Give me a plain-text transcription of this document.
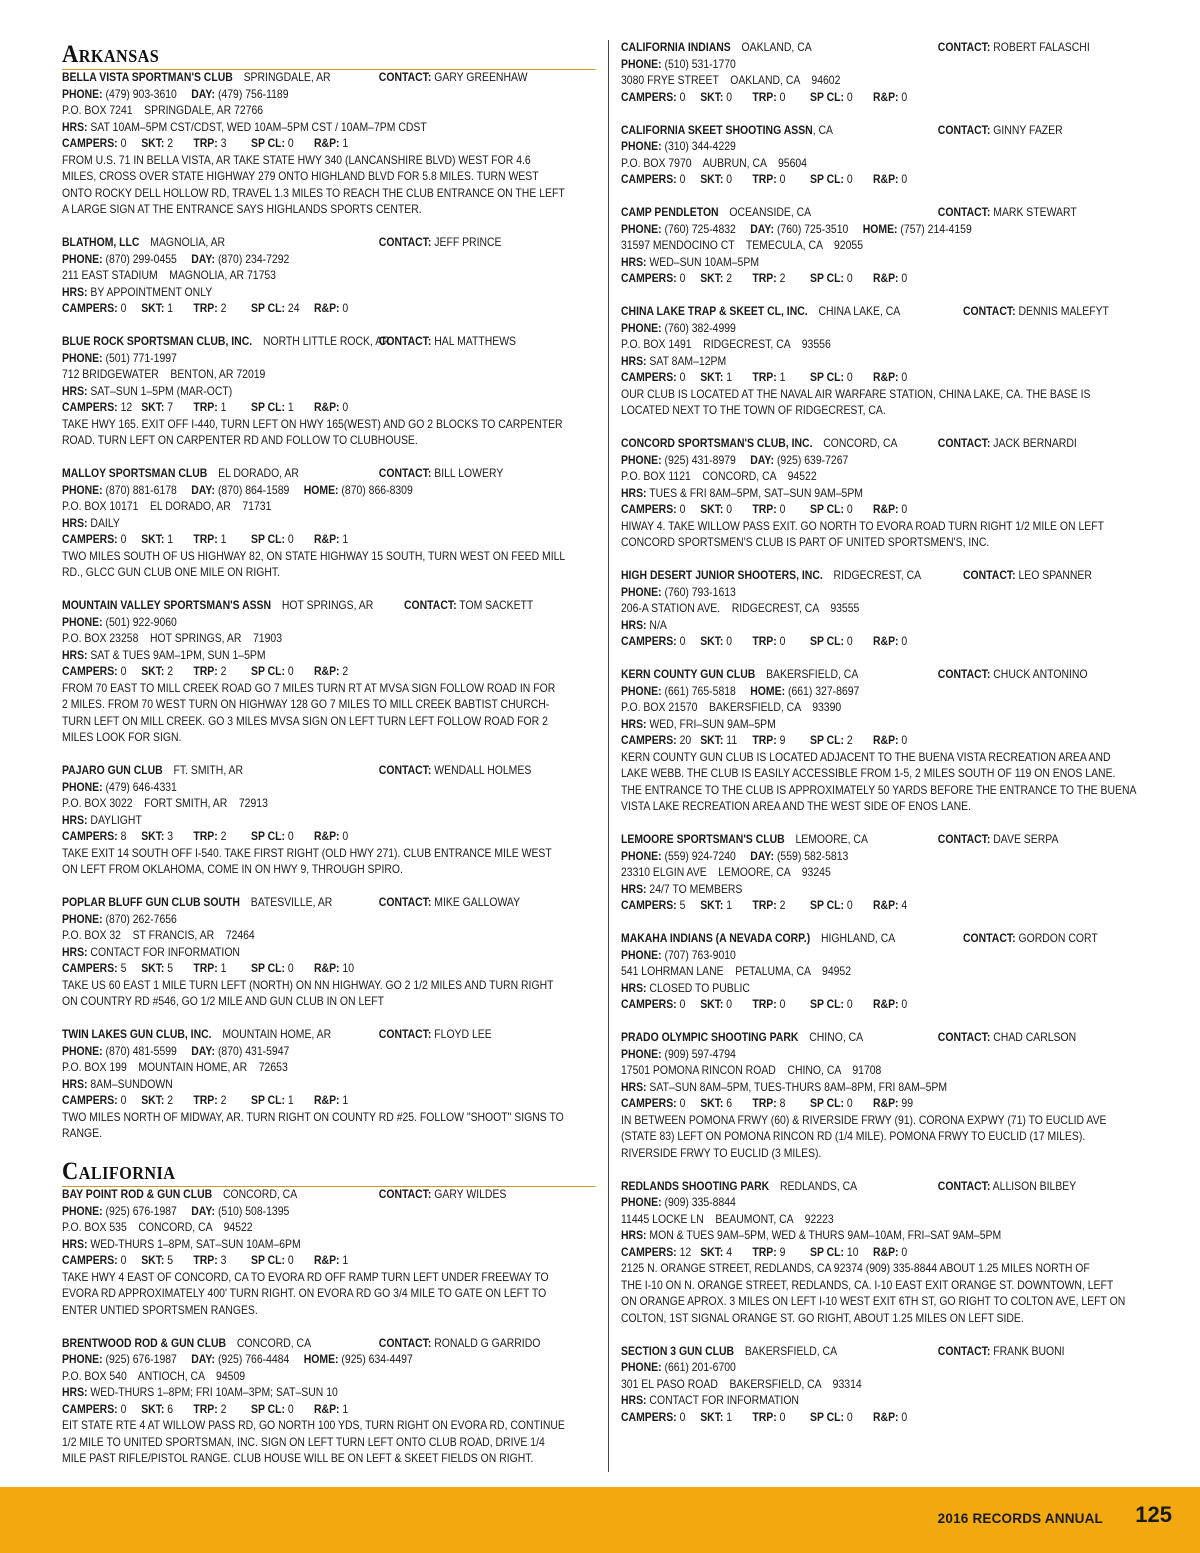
Arkansas
BELLA VISTA SPORTMAN'S CLUB SPRINGDALE, AR	CONTACT: GARY GREENHAW
PHONE: (479) 903-3610 DAY: (479) 756-1189
P.O. BOX 7241    SPRINGDALE, AR 72766
HRS: SAT 10AM–5PM CST/CDST, WED 10AM–5PM CST / 10AM–7PM CDST
CAMPERS: 0 SKT: 2 TRP: 3 SP CL: 0 R&P: 1
FROM U.S. 71 IN BELLA VISTA, AR TAKE STATE HWY 340 (LANCANSHIRE BLVD) WEST FOR 4.6
MILES, CROSS OVER STATE HIGHWAY 279 ONTO HIGHLAND BLVD FOR 5.8 MILES. TURN WEST
ONTO ROCKY DELL HOLLOW RD, TRAVEL 1.3 MILES TO REACH THE CLUB ENTRANCE ON THE LEFT
A LARGE SIGN AT THE ENTRANCE SAYS HIGHLANDS SPORTS CENTER.
BLATHOM, LLC MAGNOLIA, AR	CONTACT: JEFF PRINCE
PHONE: (870) 299-0455 DAY: (870) 234-7292
211 EAST STADIUM    MAGNOLIA, AR 71753
HRS: BY APPOINTMENT ONLY
CAMPERS: 0 SKT: 1 TRP: 2 SP CL: 24 R&P: 0
BLUE ROCK SPORTSMAN CLUB, INC. NORTH LITTLE ROCK, AR
CONTACT: HAL MATTHEWS
PHONE: (501) 771-1997
712 BRIDGEWATER    BENTON, AR 72019
HRS: SAT–SUN 1–5PM (MAR-OCT)
CAMPERS: 12 SKT: 7 TRP: 1 SP CL: 1 R&P: 0
TAKE HWY 165. EXIT OFF I-440, TURN LEFT ON HWY 165(WEST) AND GO 2 BLOCKS TO CARPENTER
ROAD. TURN LEFT ON CARPENTER RD AND FOLLOW TO CLUBHOUSE.
MALLOY SPORTSMAN CLUB EL DORADO, AR	CONTACT: BILL LOWERY
PHONE: (870) 881-6178 DAY: (870) 864-1589 HOME: (870) 866-8309
P.O. BOX 10171    EL DORADO, AR    71731
HRS: DAILY
CAMPERS: 0 SKT: 1 TRP: 1 SP CL: 0 R&P: 1
TWO MILES SOUTH OF US HIGHWAY 82, ON STATE HIGHWAY 15 SOUTH, TURN WEST ON FEED MILL
RD., GLCC GUN CLUB ONE MILE ON RIGHT.
MOUNTAIN VALLEY SPORTSMAN'S ASSN HOT SPRINGS, AR	CONTACT: TOM SACKETT
PHONE: (501) 922-9060
P.O. BOX 23258    HOT SPRINGS, AR    71903
HRS: SAT & TUES 9AM–1PM, SUN 1–5PM
CAMPERS: 0 SKT: 2 TRP: 2 SP CL: 0 R&P: 2
FROM 70 EAST TO MILL CREEK ROAD GO 7 MILES TURN RT AT MVSA SIGN FOLLOW ROAD IN FOR
2 MILES. FROM 70 WEST TURN ON HIGHWAY 128 GO 7 MILES TO MILL CREEK BABTIST CHURCH-
TURN LEFT ON MILL CREEK. GO 3 MILES MVSA SIGN ON LEFT TURN LEFT FOLLOW ROAD FOR 2
MILES LOOK FOR SIGN.
PAJARO GUN CLUB FT. SMITH, AR	CONTACT: WENDALL HOLMES
PHONE: (479) 646-4331
P.O. BOX 3022    FORT SMITH, AR    72913
HRS: DAYLIGHT
CAMPERS: 8 SKT: 3 TRP: 2 SP CL: 0 R&P: 0
TAKE EXIT 14 SOUTH OFF I-540. TAKE FIRST RIGHT (OLD HWY 271). CLUB ENTRANCE MILE WEST
ON LEFT FROM OKLAHOMA, COME IN ON HWY 9, THROUGH SPIRO.
POPLAR BLUFF GUN CLUB SOUTH BATESVILLE, AR	CONTACT: MIKE GALLOWAY
PHONE: (870) 262-7656
P.O. BOX 32    ST FRANCIS, AR    72464
HRS: CONTACT FOR INFORMATION
CAMPERS: 5 SKT: 5 TRP: 1 SP CL: 0 R&P: 10
TAKE US 60 EAST 1 MILE TURN LEFT (NORTH) ON NN HIGHWAY. GO 2 1/2 MILES AND TURN RIGHT
ON COUNTRY RD #546, GO 1/2 MILE AND GUN CLUB IN ON LEFT
TWIN LAKES GUN CLUB, INC. MOUNTAIN HOME, AR	CONTACT: FLOYD LEE
PHONE: (870) 481-5599 DAY: (870) 431-5947
P.O. BOX 199    MOUNTAIN HOME, AR    72653
HRS: 8AM–SUNDOWN
CAMPERS: 0 SKT: 2 TRP: 2 SP CL: 1 R&P: 1
TWO MILES NORTH OF MIDWAY, AR. TURN RIGHT ON COUNTY RD #25. FOLLOW "SHOOT" SIGNS TO
RANGE.
California
BAY POINT ROD & GUN CLUB CONCORD, CA	CONTACT: GARY WILDES
PHONE: (925) 676-1987 DAY: (510) 508-1395
P.O. BOX 535    CONCORD, CA    94522
HRS: WED-THURS 1–8PM, SAT–SUN 10AM–6PM
CAMPERS: 0 SKT: 5 TRP: 3 SP CL: 0 R&P: 1
TAKE HWY 4 EAST OF CONCORD, CA TO EVORA RD OFF RAMP TURN LEFT UNDER FREEWAY TO
EVORA RD APPROXIMATELY 400' TURN RIGHT. ON EVORA RD GO 3/4 MILE TO GATE ON LEFT TO
ENTER UNTIED SPORTSMEN RANGES.
BRENTWOOD ROD & GUN CLUB CONCORD, CA	CONTACT: RONALD G GARRIDO
PHONE: (925) 676-1987 DAY: (925) 766-4484 HOME: (925) 634-4497
P.O. BOX 540    ANTIOCH, CA    94509
HRS: WED-THURS 1–8PM; FRI 10AM–3PM; SAT–SUN 10
CAMPERS: 0 SKT: 6 TRP: 2 SP CL: 0 R&P: 1
EIT STATE RTE 4 AT WILLOW PASS RD, GO NORTH 100 YDS, TURN RIGHT ON EVORA RD, CONTINUE
1/2 MILE TO UNITED SPORTSMAN, INC. SIGN ON LEFT TURN LEFT ONTO CLUB ROAD, DRIVE 1/4
MILE PAST RIFLE/PISTOL RANGE. CLUB HOUSE WILL BE ON LEFT & SKEET FIELDS ON RIGHT.
CALIFORNIA INDIANS OAKLAND, CA	CONTACT: ROBERT FALASCHI
PHONE: (510) 531-1770
3080 FRYE STREET    OAKLAND, CA    94602
CAMPERS: 0 SKT: 0 TRP: 0 SP CL: 0 R&P: 0
CALIFORNIA SKEET SHOOTING ASSN, CA	CONTACT: GINNY FAZER
PHONE: (310) 344-4229
P.O. BOX 7970    AUBRUN, CA    95604
CAMPERS: 0 SKT: 0 TRP: 0 SP CL: 0 R&P: 0
CAMP PENDLETON OCEANSIDE, CA	CONTACT: MARK STEWART
PHONE: (760) 725-4832 DAY: (760) 725-3510 HOME: (757) 214-4159
31597 MENDOCINO CT    TEMECULA, CA    92055
HRS: WED–SUN 10AM–5PM
CAMPERS: 0 SKT: 2 TRP: 2 SP CL: 0 R&P: 0
CHINA LAKE TRAP & SKEET CL, INC. CHINA LAKE, CA	CONTACT: DENNIS MALEFYT
PHONE: (760) 382-4999
P.O. BOX 1491    RIDGECREST, CA    93556
HRS: SAT 8AM–12PM
CAMPERS: 0 SKT: 1 TRP: 1 SP CL: 0 R&P: 0
OUR CLUB IS LOCATED AT THE NAVAL AIR WARFARE STATION, CHINA LAKE, CA. THE BASE IS
LOCATED NEXT TO THE TOWN OF RIDGECREST, CA.
CONCORD SPORTSMAN'S CLUB, INC. CONCORD, CA	CONTACT: JACK BERNARDI
PHONE: (925) 431-8979 DAY: (925) 639-7267
P.O. BOX 1121    CONCORD, CA    94522
HRS: TUES & FRI 8AM–5PM, SAT–SUN 9AM–5PM
CAMPERS: 0 SKT: 0 TRP: 0 SP CL: 0 R&P: 0
HIWAY 4. TAKE WILLOW PASS EXIT. GO NORTH TO EVORA ROAD TURN RIGHT 1/2 MILE ON LEFT
CONCORD SPORTSMEN'S CLUB IS PART OF UNITED SPORTSMEN'S, INC.
HIGH DESERT JUNIOR SHOOTERS, INC. RIDGECREST, CA	CONTACT: LEO SPANNER
PHONE: (760) 793-1613
206-A STATION AVE.    RIDGECREST, CA    93555
HRS: N/A
CAMPERS: 0 SKT: 0 TRP: 0 SP CL: 0 R&P: 0
KERN COUNTY GUN CLUB BAKERSFIELD, CA	CONTACT: CHUCK ANTONINO
PHONE: (661) 765-5818 HOME: (661) 327-8697
P.O. BOX 21570    BAKERSFIELD, CA    93390
HRS: WED, FRI–SUN 9AM–5PM
CAMPERS: 20 SKT: 11 TRP: 9 SP CL: 2 R&P: 0
KERN COUNTY GUN CLUB IS LOCATED ADJACENT TO THE BUENA VISTA RECREATION AREA AND
LAKE WEBB. THE CLUB IS EASILY ACCESSIBLE FROM 1-5, 2 MILES SOUTH OF 119 ON ENOS LANE.
THE ENTRANCE TO THE CLUB IS APPROXIMATELY 50 YARDS BEFORE THE ENTRANCE TO THE BUENA
VISTA LAKE RECREATION AREA AND THE WEST SIDE OF ENOS LANE.
LEMOORE SPORTSMAN'S CLUB LEMOORE, CA	CONTACT: DAVE SERPA
PHONE: (559) 924-7240 DAY: (559) 582-5813
23310 ELGIN AVE    LEMOORE, CA    93245
HRS: 24/7 TO MEMBERS
CAMPERS: 5 SKT: 1 TRP: 2 SP CL: 0 R&P: 4
MAKAHA INDIANS (A NEVADA CORP.) HIGHLAND, CA	CONTACT: GORDON CORT
PHONE: (707) 763-9010
541 LOHRMAN LANE    PETALUMA, CA    94952
HRS: CLOSED TO PUBLIC
CAMPERS: 0 SKT: 0 TRP: 0 SP CL: 0 R&P: 0
PRADO OLYMPIC SHOOTING PARK CHINO, CA	CONTACT: CHAD CARLSON
PHONE: (909) 597-4794
17501 POMONA RINCON ROAD    CHINO, CA    91708
HRS: SAT–SUN 8AM–5PM, TUES-THURS 8AM–8PM, FRI 8AM–5PM
CAMPERS: 0 SKT: 6 TRP: 8 SP CL: 0 R&P: 99
IN BETWEEN POMONA FRWY (60) & RIVERSIDE FRWY (91). CORONA EXPWY (71) TO EUCLID AVE
(STATE 83) LEFT ON POMONA RINCON RD (1/4 MILE). POMONA FRWY TO EUCLID (17 MILES).
RIVERSIDE FRWY TO EUCLID (3 MILES).
REDLANDS SHOOTING PARK REDLANDS, CA	CONTACT: ALLISON BILBEY
PHONE: (909) 335-8844
11445 LOCKE LN    BEAUMONT, CA    92223
HRS: MON & TUES 9AM–5PM, WED & THURS 9AM–10AM, FRI–SAT 9AM–5PM
CAMPERS: 12 SKT: 4 TRP: 9 SP CL: 10 R&P: 0
2125 N. ORANGE STREET, REDLANDS, CA 92374 (909) 335-8844 ABOUT 1.25 MILES NORTH OF
THE I-10 ON N. ORANGE STREET, REDLANDS, CA. I-10 EAST EXIT ORANGE ST. DOWNTOWN, LEFT
ON ORANGE APROX. 3 MILES ON LEFT I-10 WEST EXIT 6TH ST, GO RIGHT TO COLTON AVE, LEFT ON
COLTON, 1ST SIGNAL ORANGE ST. GO RIGHT, ABOUT 1.25 MILES ON LEFT SIDE.
SECTION 3 GUN CLUB BAKERSFIELD, CA	CONTACT: FRANK BUONI
PHONE: (661) 201-6700
301 EL PASO ROAD    BAKERSFIELD, CA    93314
HRS: CONTACT FOR INFORMATION
CAMPERS: 0 SKT: 1 TRP: 0 SP CL: 0 R&P: 0
2016 RECORDS ANNUAL 125
